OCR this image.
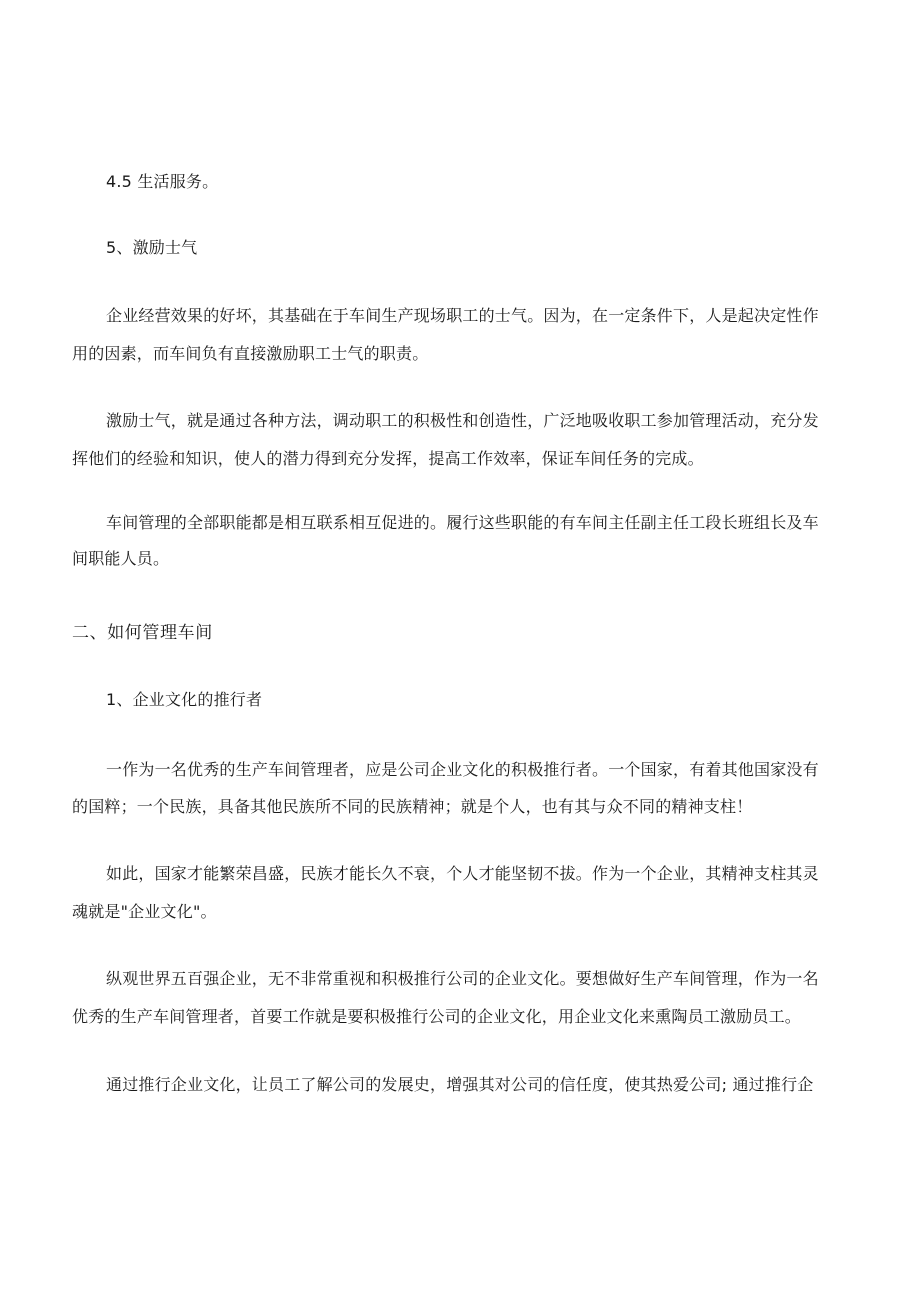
4.5 生活服务。
5、激励士气
企业经营效果的好坏，其基础在于车间生产现场职工的士气。因为，在一定条件下，人是起决定性作
用的因素，而车间负有直接激励职工士气的职责。
激励士气，就是通过各种方法，调动职工的积极性和创造性，广泛地吸收职工参加管理活动，充分发
挥他们的经验和知识，使人的潜力得到充分发挥，提高工作效率，保证车间任务的完成。
车间管理的全部职能都是相互联系相互促进的。履行这些职能的有车间主任副主任工段长班组长及车
间职能人员。
二、如何管理车间
1、企业文化的推行者
一作为一名优秀的生产车间管理者，应是公司企业文化的积极推行者。一个国家，有着其他国家没有
的国粹；一个民族，具备其他民族所不同的民族精神；就是个人，也有其与众不同的精神支柱！
如此，国家才能繁荣昌盛，民族才能长久不衰，个人才能坚韧不拔。作为一个企业，其精神支柱其灵
魂就是"企业文化"。
纵观世界五百强企业，无不非常重视和积极推行公司的企业文化。要想做好生产车间管理，作为一名
优秀的生产车间管理者，首要工作就是要积极推行公司的企业文化，用企业文化来熏陶员工激励员工。
通过推行企业文化，让员工了解公司的发展史，增强其对公司的信任度，使其热爱公司; 通过推行企
